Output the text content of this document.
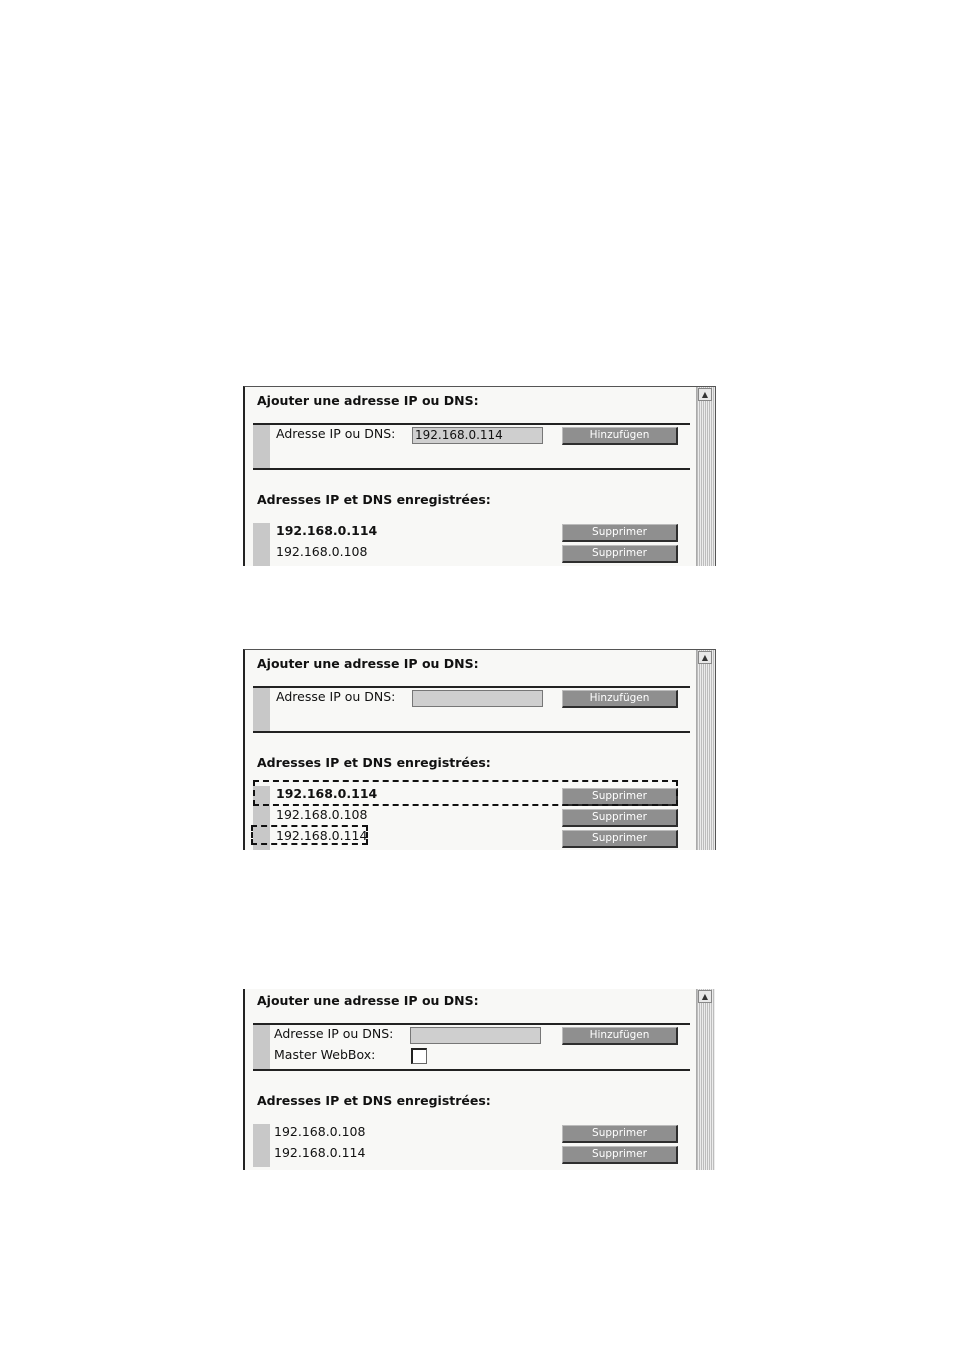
Ajouter une adresse IP ou DNS:
Adresse IP ou DNS: 192.168.0.114	Hinzufügen
Adresses IP et DNS enregistrées:
192.168.0.114	Supprimer
192.168.0.108	Supprimer
▲
Ajouter une adresse IP ou DNS:
Adresse IP ou DNS:	Hinzufügen
Adresses IP et DNS enregistrées:
192.168.0.114	Supprimer
192.168.0.108	Supprimer
192.168.0.114	Supprimer
▲
Ajouter une adresse IP ou DNS:
Adresse IP ou DNS:	Hinzufügen
Master WebBox:
Adresses IP et DNS enregistrées:
192.168.0.108	Supprimer
192.168.0.114	Supprimer
▲
